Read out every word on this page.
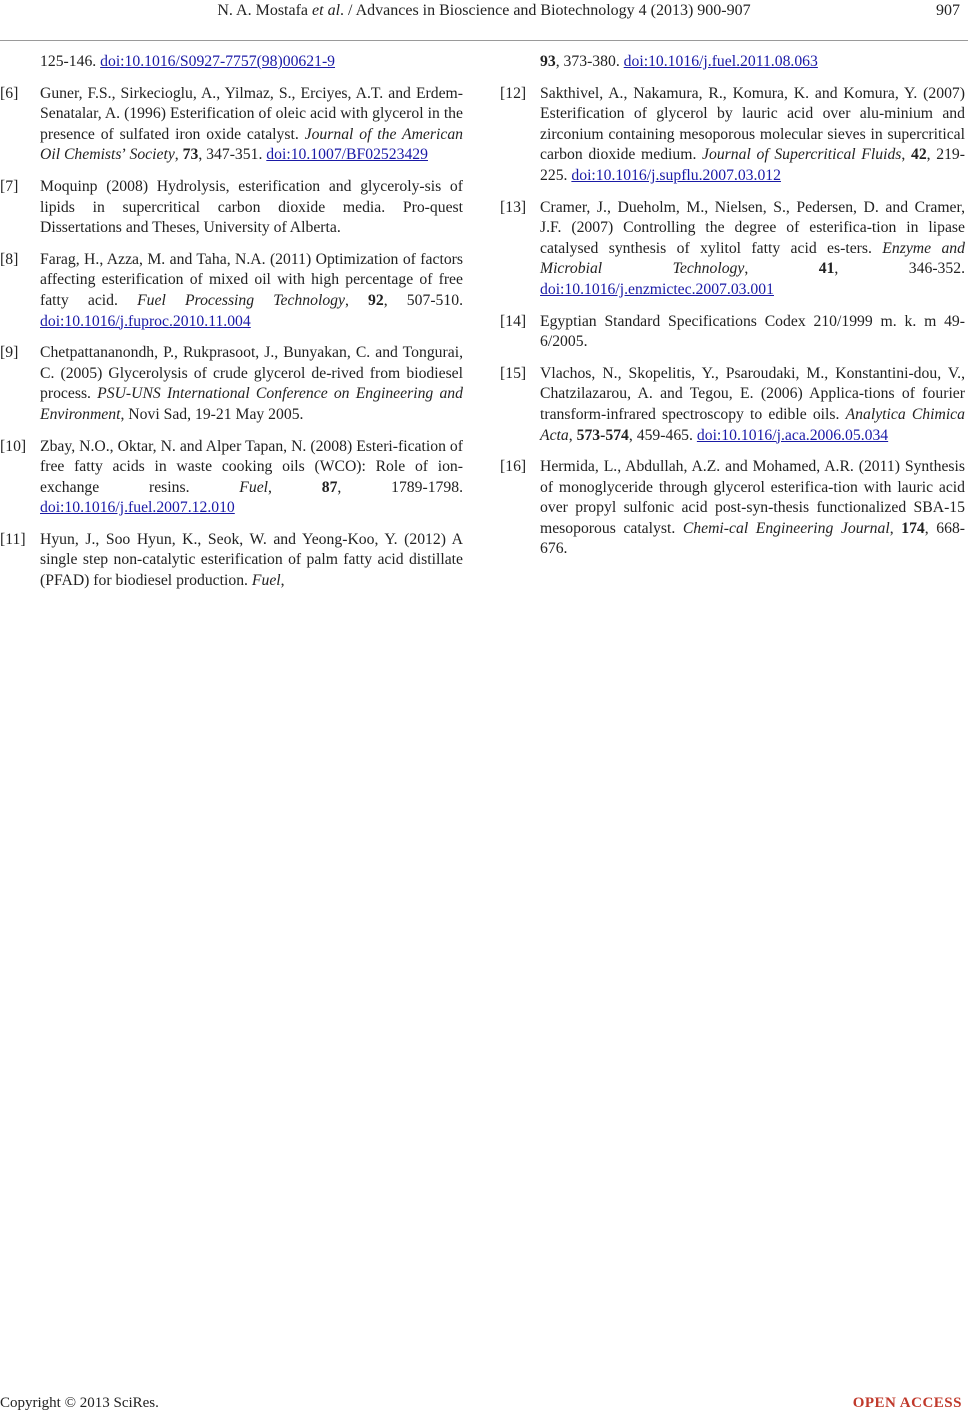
N. A. Mostafa et al. / Advances in Bioscience and Biotechnology 4 (2013) 900-907	907
125-146. doi:10.1016/S0927-7757(98)00621-9
[6] Guner, F.S., Sirkecioglu, A., Yilmaz, S., Erciyes, A.T. and Erdem-Senatalar, A. (1996) Esterification of oleic acid with glycerol in the presence of sulfated iron oxide catalyst. Journal of the American Oil Chemists’ Society, 73, 347-351. doi:10.1007/BF02523429
[7] Moquinp (2008) Hydrolysis, esterification and glyceroly-sis of lipids in supercritical carbon dioxide media. Pro-quest Dissertations and Theses, University of Alberta.
[8] Farag, H., Azza, M. and Taha, N.A. (2011) Optimization of factors affecting esterification of mixed oil with high percentage of free fatty acid. Fuel Processing Technology, 92, 507-510. doi:10.1016/j.fuproc.2010.11.004
[9] Chetpattananondh, P., Rukprasoot, J., Bunyakan, C. and Tongurai, C. (2005) Glycerolysis of crude glycerol de-rived from biodiesel process. PSU-UNS International Conference on Engineering and Environment, Novi Sad, 19-21 May 2005.
[10] Zbay, N.O., Oktar, N. and Alper Tapan, N. (2008) Esteri-fication of free fatty acids in waste cooking oils (WCO): Role of ion-exchange resins. Fuel, 87, 1789-1798. doi:10.1016/j.fuel.2007.12.010
[11] Hyun, J., Soo Hyun, K., Seok, W. and Yeong-Koo, Y. (2012) A single step non-catalytic esterification of palm fatty acid distillate (PFAD) for biodiesel production. Fuel,
93, 373-380. doi:10.1016/j.fuel.2011.08.063
[12] Sakthivel, A., Nakamura, R., Komura, K. and Komura, Y. (2007) Esterification of glycerol by lauric acid over alu-minium and zirconium containing mesoporous molecular sieves in supercritical carbon dioxide medium. Journal of Supercritical Fluids, 42, 219-225. doi:10.1016/j.supflu.2007.03.012
[13] Cramer, J., Dueholm, M., Nielsen, S., Pedersen, D. and Cramer, J.F. (2007) Controlling the degree of esterifica-tion in lipase catalysed synthesis of xylitol fatty acid es-ters. Enzyme and Microbial Technology, 41, 346-352. doi:10.1016/j.enzmictec.2007.03.001
[14] Egyptian Standard Specifications Codex 210/1999 m. k. m 49-6/2005.
[15] Vlachos, N., Skopelitis, Y., Psaroudaki, M., Konstantini-dou, V., Chatzilazarou, A. and Tegou, E. (2006) Applica-tions of fourier transform-infrared spectroscopy to edible oils. Analytica Chimica Acta, 573-574, 459-465. doi:10.1016/j.aca.2006.05.034
[16] Hermida, L., Abdullah, A.Z. and Mohamed, A.R. (2011) Synthesis of monoglyceride through glycerol esterifica-tion with lauric acid over propyl sulfonic acid post-syn-thesis functionalized SBA-15 mesoporous catalyst. Chemi-cal Engineering Journal, 174, 668-676.
Copyright © 2013 SciRes.	OPEN ACCESS
